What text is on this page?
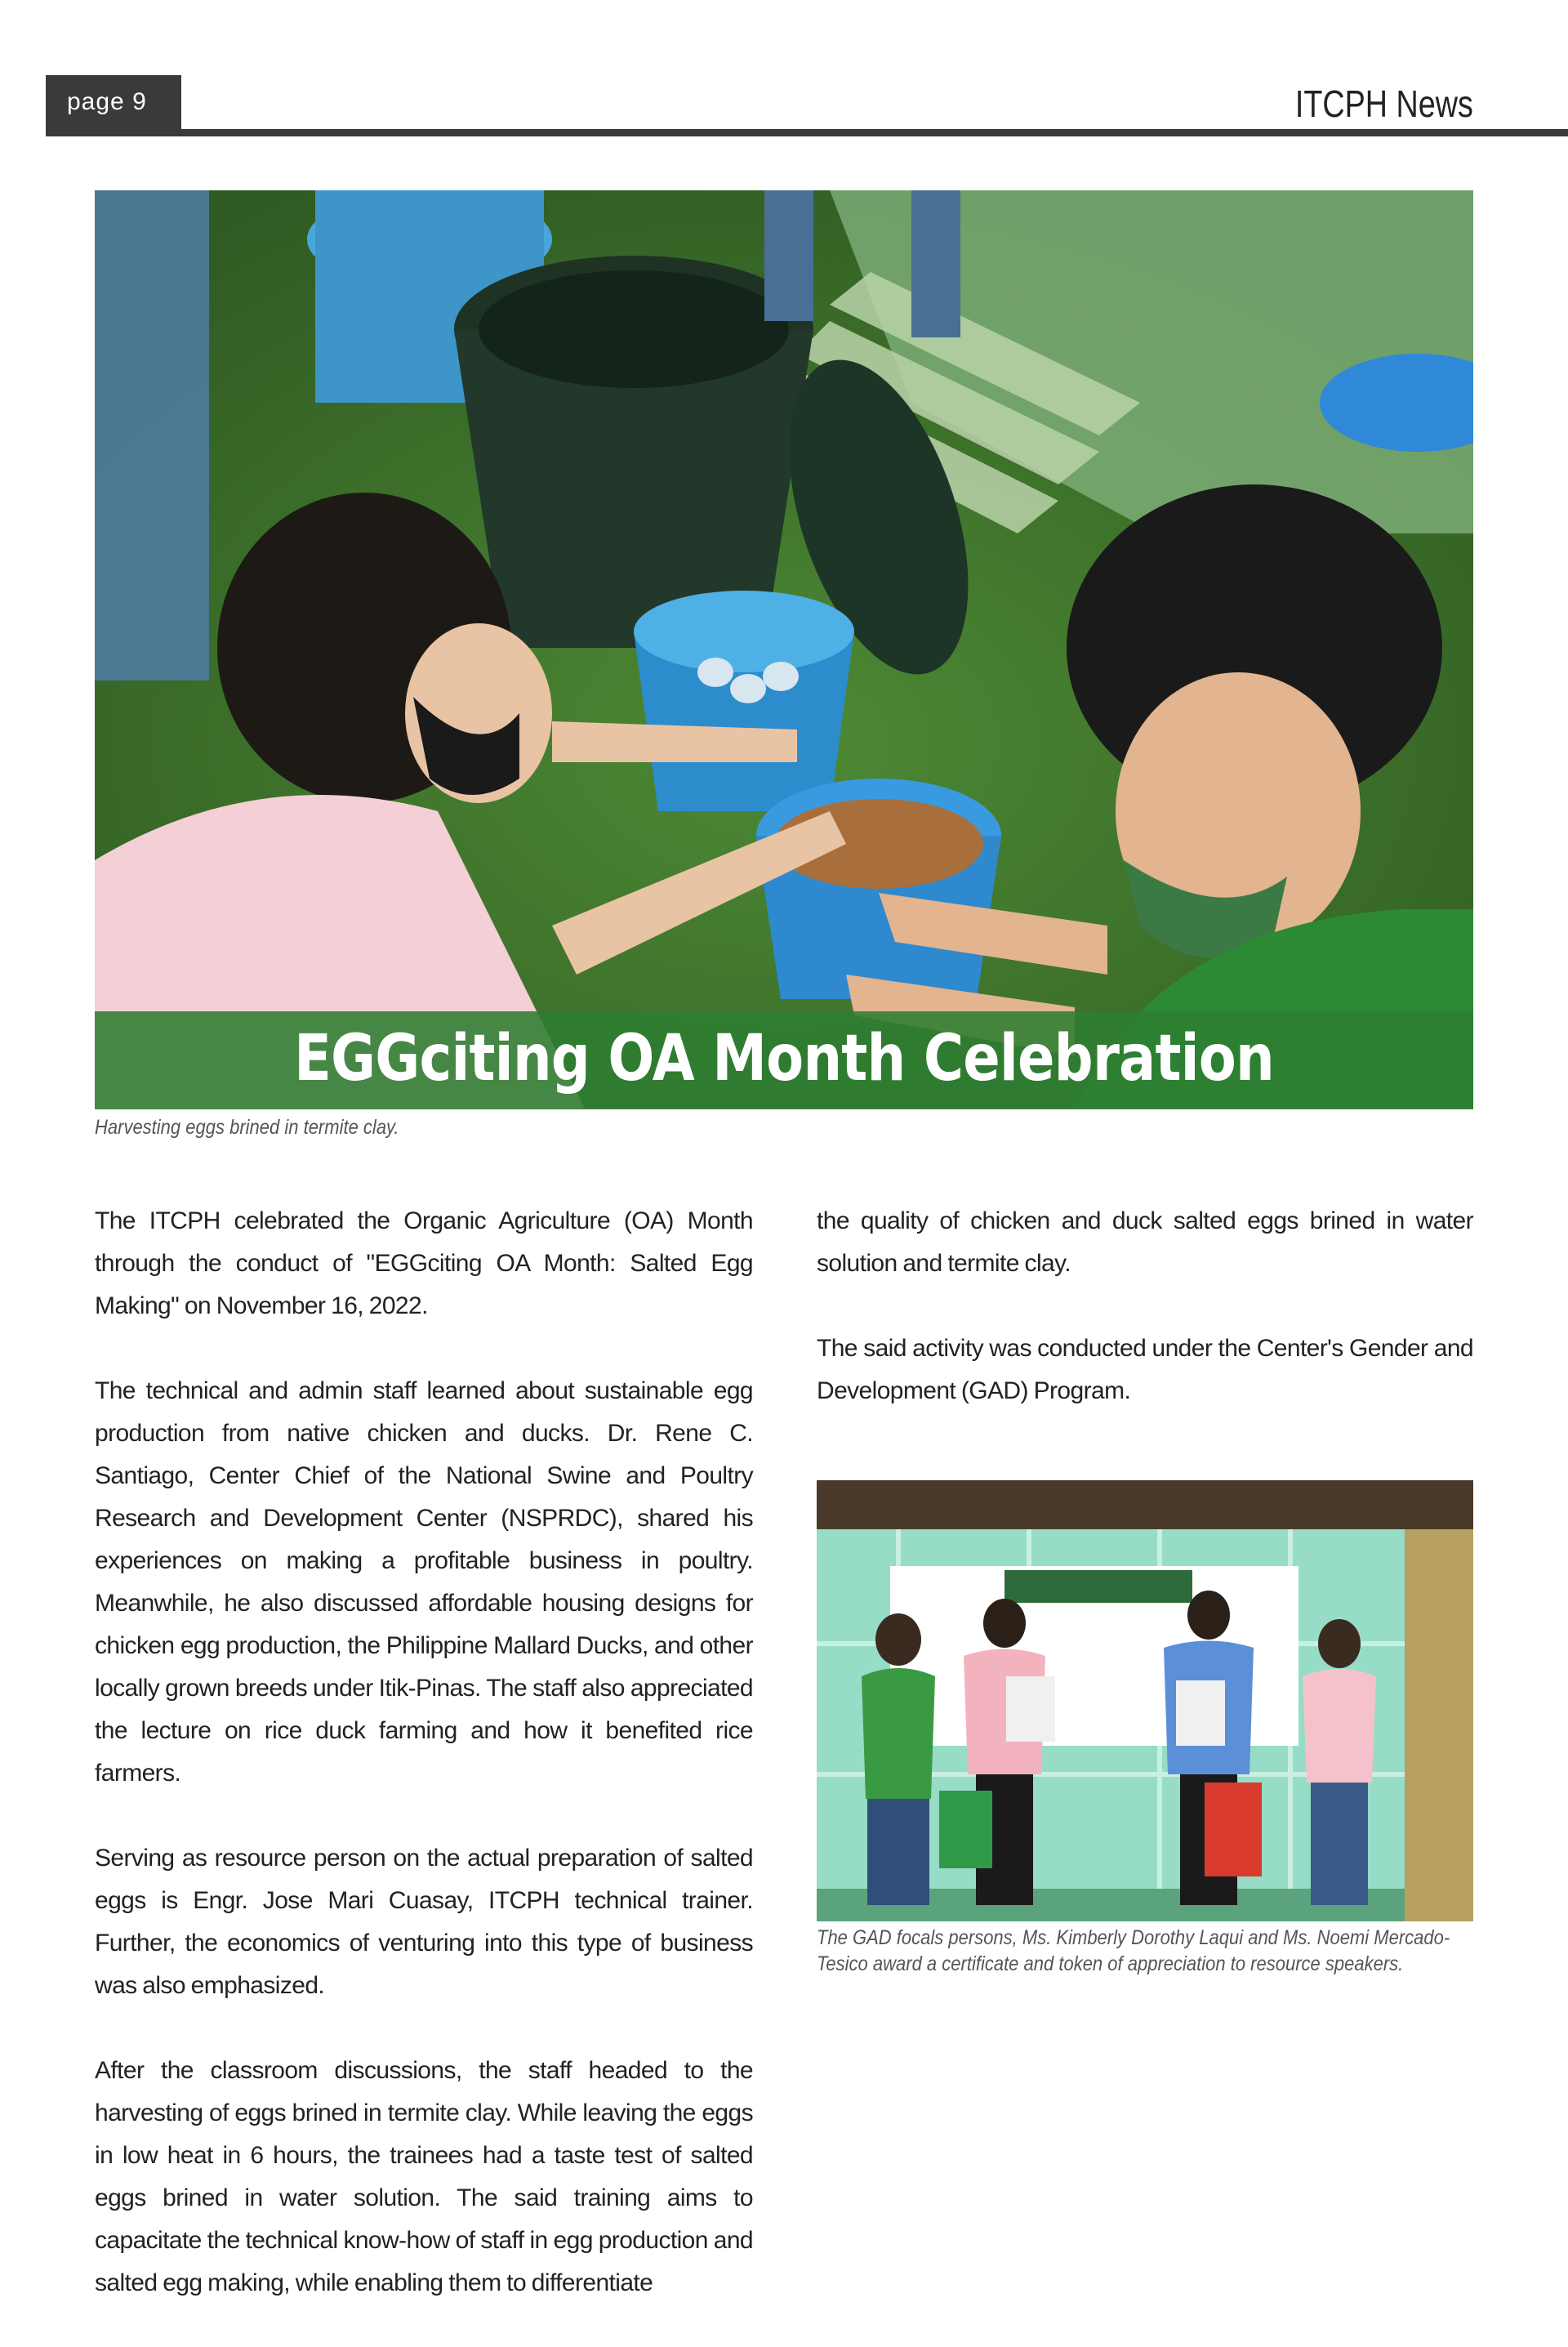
page 9	ITCPH News
EGGciting OA Month Celebration
Harvesting eggs brined in termite clay.

The ITCPH celebrated the Organic Agriculture (OA) Month through the conduct of "EGGciting OA Month: Salted Egg Making" on November 16, 2022.

The technical and admin staff learned about sustainable egg production from native chicken and ducks. Dr. Rene C. Santiago, Center Chief of the National Swine and Poultry Research and Development Center (NSPRDC), shared his experiences on making a profitable business in poultry. Meanwhile, he also discussed affordable housing designs for chicken egg production, the Philippine Mallard Ducks, and other locally grown breeds under Itik-Pinas. The staff also appreciated the lecture on rice duck farming and how it benefited rice farmers.

Serving as resource person on the actual preparation of salted eggs is Engr. Jose Mari Cuasay, ITCPH technical trainer. Further, the economics of venturing into this type of business was also emphasized.

After the classroom discussions, the staff headed to the harvesting of eggs brined in termite clay. While leaving the eggs in low heat in 6 hours, the trainees had a taste test of salted eggs brined in water solution. The said training aims to capacitate the technical know-how of staff in egg production and salted egg making, while enabling them to differentiate

the quality of chicken and duck salted eggs brined in water solution and termite clay.

The said activity was conducted under the Center's Gender and Development (GAD) Program.

The GAD focals persons, Ms. Kimberly Dorothy Laqui and Ms. Noemi Mercado-Tesico award a certificate and token of appreciation to resource speakers.
